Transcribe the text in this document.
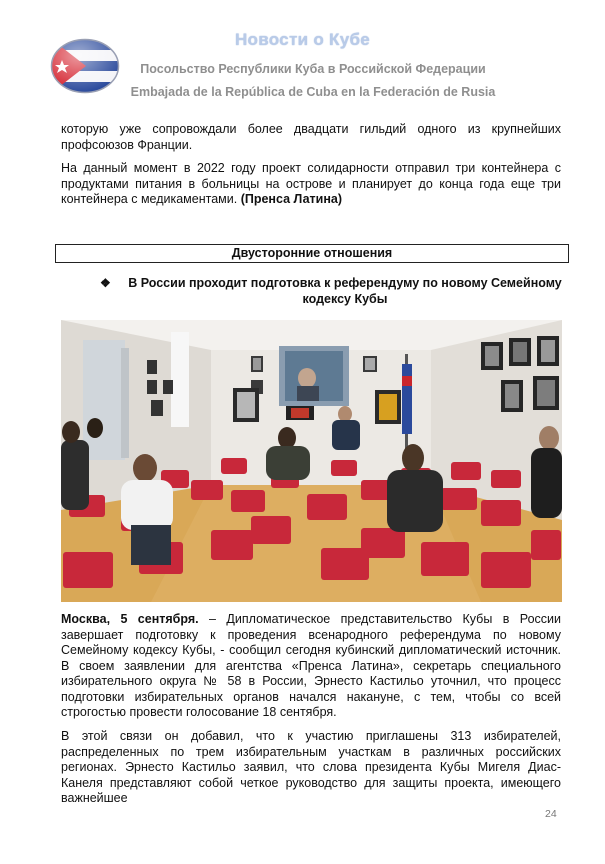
Новости о Кубе
Посольство Республики Куба в Российской Федерации
Embajada de la República de Cuba en la Federación de Rusia

которую уже сопровождали более двадцати гильдий одного из крупнейших профсоюзов Франции.

На данный момент в 2022 году проект солидарности отправил три контейнера с продуктами питания в больницы на острове и планирует до конца года еще три контейнера с медикаментами. (Пренса Латина)

Двусторонние отношения
❖	В России проходит подготовка к референдуму по новому Семейному кодексу Кубы

Москва, 5 сентября. – Дипломатическое представительство Кубы в России завершает подготовку к проведения всенародного референдума по новому Семейному кодексу Кубы, - сообщил сегодня кубинский дипломатический источник. В своем заявлении для агентства «Пренса Латина», секретарь специального избирательного округа № 58 в России, Эрнесто Кастильо уточнил, что процесс подготовки избирательных органов начался накануне, с тем, чтобы со всей строгостью провести голосование 18 сентября.

В этой связи он добавил, что к участию приглашены 313 избирателей, распределенных по трем избирательным участкам в различных российских регионах. Эрнесто Кастильо заявил, что слова президента Кубы Мигеля Диас-Канеля представляют собой четкое руководство для защиты проекта, имеющего важнейшее

24
